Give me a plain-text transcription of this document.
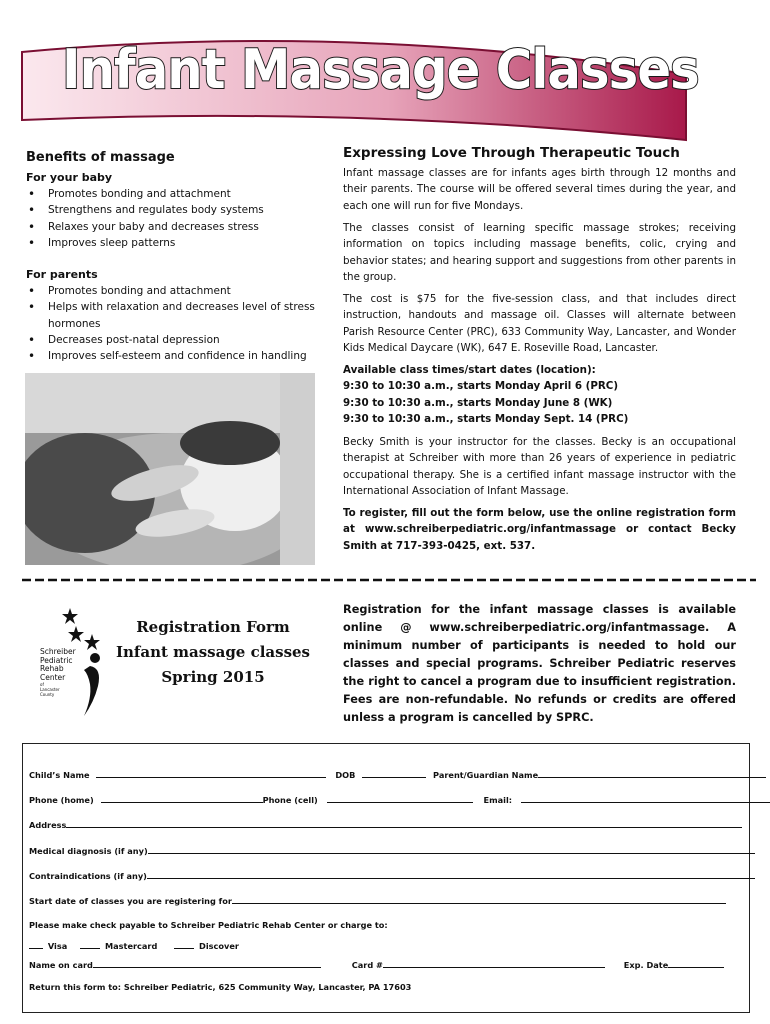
Infant Massage Classes
Benefits of massage
For your baby
• Promotes bonding and attachment
• Strengthens and regulates body systems
• Relaxes your baby and decreases stress
• Improves sleep patterns
For parents
• Promotes bonding and attachment
• Helps with relaxation and decreases level of stress hormones
• Decreases post-natal depression
• Improves self-esteem and confidence in handling
Expressing Love Through Therapeutic Touch
Infant massage classes are for infants ages birth through 12 months and their parents. The course will be offered several times during the year, and each one will run for five Mondays.
The classes consist of learning specific massage strokes; receiving information on topics including massage benefits, colic, crying and behavior states; and hearing support and suggestions from other parents in the group.
The cost is $75 for the five-session class, and that includes direct instruction, handouts and massage oil. Classes will alternate between Parish Resource Center (PRC), 633 Community Way, Lancaster, and Wonder Kids Medical Daycare (WK), 647 E. Roseville Road, Lancaster.
Available class times/start dates (location):
9:30 to 10:30 a.m., starts Monday April 6 (PRC)
9:30 to 10:30 a.m., starts Monday June 8 (WK)
9:30 to 10:30 a.m., starts Monday Sept. 14 (PRC)
Becky Smith is your instructor for the classes. Becky is an occupational therapist at Schreiber with more than 26 years of experience in pediatric occupational therapy. She is a certified infant massage instructor with the International Association of Infant Massage.
To register, fill out the form below, use the online registration form at www.schreiberpediatric.org/infantmassage or contact Becky Smith at 717-393-0425, ext. 537.
Schreiber
Pediatric
Rehab
Center
of
Lancaster
County
Registration Form
Infant massage classes
Spring 2015
Registration for the infant massage classes is available online @ www.schreiberpediatric.org/infantmassage. A minimum number of participants is needed to hold our classes and special programs. Schreiber Pediatric reserves the right to cancel a program due to insufficient registration. Fees are non-refundable. No refunds or credits are offered unless a program is cancelled by SPRC.
Child’s Name	DOB	Parent/Guardian Name
Phone (home)	Phone (cell)	Email:
Address
Medical diagnosis (if any)
Contraindications (if any)
Start date of classes you are registering for
Please make check payable to Schreiber Pediatric Rehab Center or charge to:
Visa	Mastercard	Discover
Name on card	Card #	Exp. Date
Return this form to: Schreiber Pediatric, 625 Community Way, Lancaster, PA 17603
